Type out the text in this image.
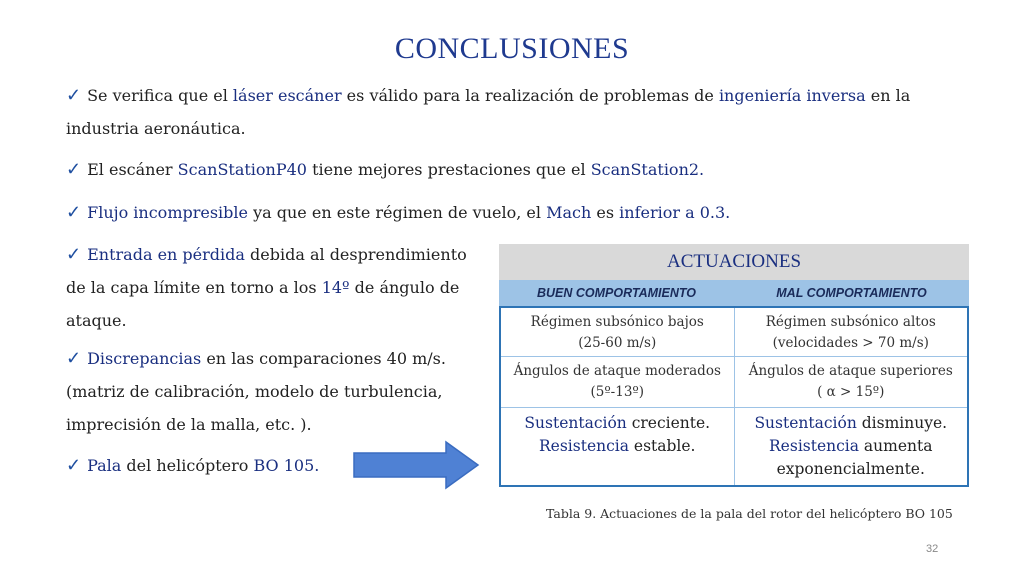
CONCLUSIONES
✓ Se verifica que el láser escáner es válido para la realización de problemas de ingeniería inversa en la industria aeronáutica.
✓ El escáner ScanStationP40 tiene mejores prestaciones que el ScanStation2.
✓ Flujo incompresible ya que en este régimen de vuelo, el Mach es inferior a 0.3.
✓ Entrada en pérdida debida al desprendimiento de la capa límite en torno a los 14º de ángulo de ataque.
✓ Discrepancias en las comparaciones 40 m/s. (matriz de calibración, modelo de turbulencia, imprecisión de la malla, etc. ).
✓ Pala del helicóptero BO 105.
ACTUACIONES
BUEN COMPORTAMIENTO	MAL COMPORTAMIENTO
Régimen subsónico bajos
(25-60 m/s)
Régimen subsónico altos
(velocidades > 70 m/s)
Ángulos de ataque moderados
(5º-13º)
Ángulos de ataque superiores
( α > 15º)
Sustentación creciente.
Resistencia estable.
Sustentación disminuye.
Resistencia aumenta exponencialmente.
Tabla 9. Actuaciones de la pala del rotor del helicóptero BO 105
32
